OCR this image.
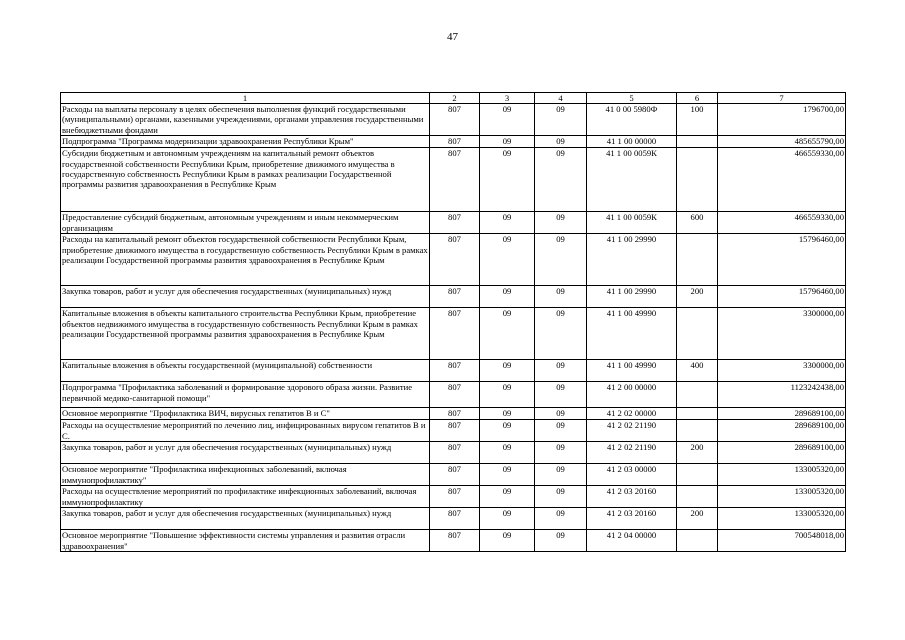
47
1	2	3	4	5	6	7
Расходы на выплаты персоналу в целях обеспечения выполнения функций государственными (муниципальными) органами, казенными учреждениями, органами управления государственными внебюджетными фондами	807	09	09	41 0 00 5980Ф	100	1796700,00
Подпрограмма "Программа модернизации здравоохранения Республики Крым"	807	09	09	41 1 00 00000		485655790,00
Субсидии бюджетным и автономным учреждениям на капитальный ремонт объектов государственной собственности Республики Крым, приобретение движимого имущества в государственную собственность Республики Крым в рамках реализации Государственной программы развития здравоохранения в Республике Крым	807	09	09	41 1 00 0059К		466559330,00
Предоставление субсидий бюджетным, автономным учреждениям и иным некоммерческим организациям	807	09	09	41 1 00 0059К	600	466559330,00
Расходы на капитальный ремонт объектов государственной собственности Республики Крым, приобретение движимого имущества в государственную собственность Республики Крым в рамках реализации Государственной программы развития здравоохранения в Республике Крым	807	09	09	41 1 00 29990		15796460,00
Закупка товаров, работ и услуг для обеспечения государственных (муниципальных) нужд	807	09	09	41 1 00 29990	200	15796460,00
Капитальные вложения в объекты капитального строительства Республики Крым, приобретение объектов недвижимого имущества в государственную собственность Республики Крым в рамках реализации Государственной программы развития здравоохранения в Республике Крым	807	09	09	41 1 00 49990		3300000,00
Капитальные вложения в объекты государственной (муниципальной) собственности	807	09	09	41 1 00 49990	400	3300000,00
Подпрограмма "Профилактика заболеваний и формирование здорового образа жизни. Развитие первичной медико-санитарной помощи"	807	09	09	41 2 00 00000		1123242438,00
Основное мероприятие "Профилактика ВИЧ, вирусных гепатитов В и С"	807	09	09	41 2 02 00000		289689100,00
Расходы на осуществление мероприятий по лечению лиц, инфицированных вирусом гепатитов В и С.	807	09	09	41 2 02 21190		289689100,00
Закупка товаров, работ и услуг для обеспечения государственных (муниципальных) нужд	807	09	09	41 2 02 21190	200	289689100,00
Основное мероприятие "Профилактика инфекционных заболеваний, включая иммунопрофилактику"	807	09	09	41 2 03 00000		133005320,00
Расходы на осуществление мероприятий по профилактике инфекционных заболеваний, включая иммунопрофилактику	807	09	09	41 2 03 20160		133005320,00
Закупка товаров, работ и услуг для обеспечения государственных (муниципальных) нужд	807	09	09	41 2 03 20160	200	133005320,00
Основное мероприятие "Повышение эффективности системы управления и развития отрасли здравоохранения"	807	09	09	41 2 04 00000		700548018,00
